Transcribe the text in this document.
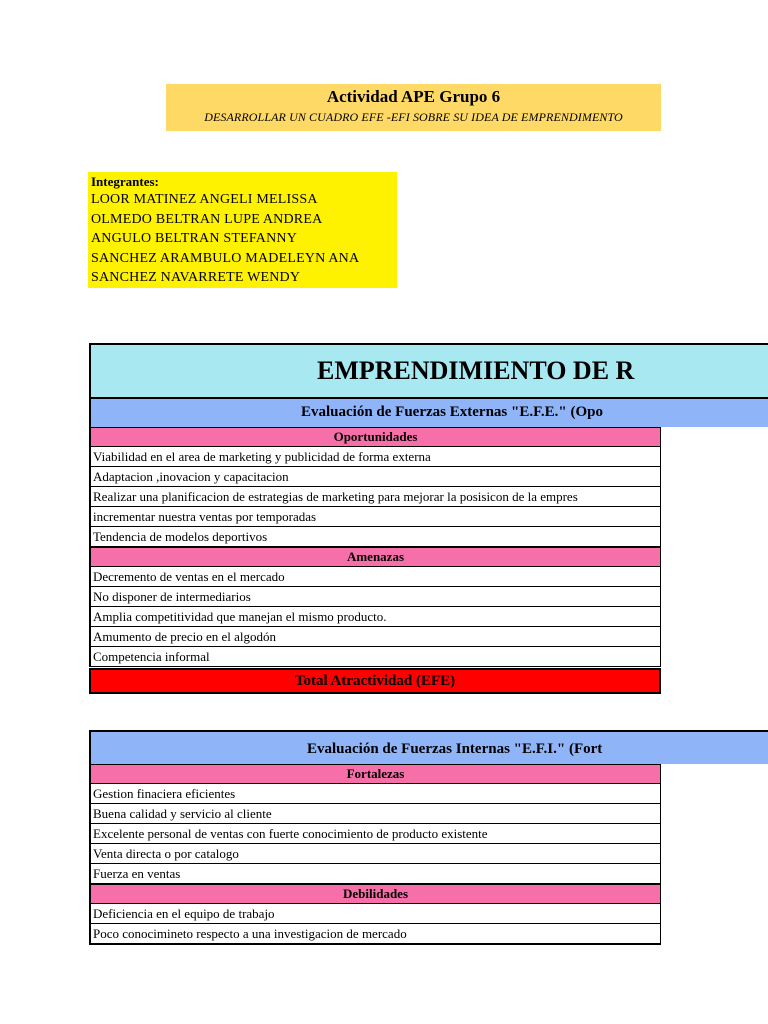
Actividad APE Grupo 6
DESARROLLAR UN CUADRO EFE -EFI SOBRE SU IDEA DE EMPRENDIMENTO
Integrantes:
LOOR MATINEZ ANGELI MELISSA
OLMEDO BELTRAN LUPE ANDREA
ANGULO BELTRAN STEFANNY
SANCHEZ ARAMBULO MADELEYN ANA
SANCHEZ NAVARRETE WENDY
EMPRENDIMIENTO DE R
Evaluación de Fuerzas Externas "E.F.E." (Opo
Oportunidades
Viabilidad en el area de marketing y publicidad de forma externa
Adaptacion ,inovacion y capacitacion
Realizar una planificacion de estrategias de marketing para mejorar la posisicon de la empres
incrementar nuestra ventas por temporadas
Tendencia de modelos deportivos
Amenazas
Decremento de ventas en el mercado
No disponer de intermediarios
Amplia competitividad que manejan el mismo producto.
Amumento de precio en el algodón
Competencia informal
Total Atractividad (EFE)
Evaluación de Fuerzas Internas "E.F.I." (Fort
Fortalezas
Gestion finaciera eficientes
Buena calidad y servicio al cliente
Excelente personal de ventas con fuerte conocimiento de producto existente
Venta directa o por catalogo
Fuerza en ventas
Debilidades
Deficiencia en el equipo de trabajo
Poco conocimineto respecto a una investigacion de mercado
